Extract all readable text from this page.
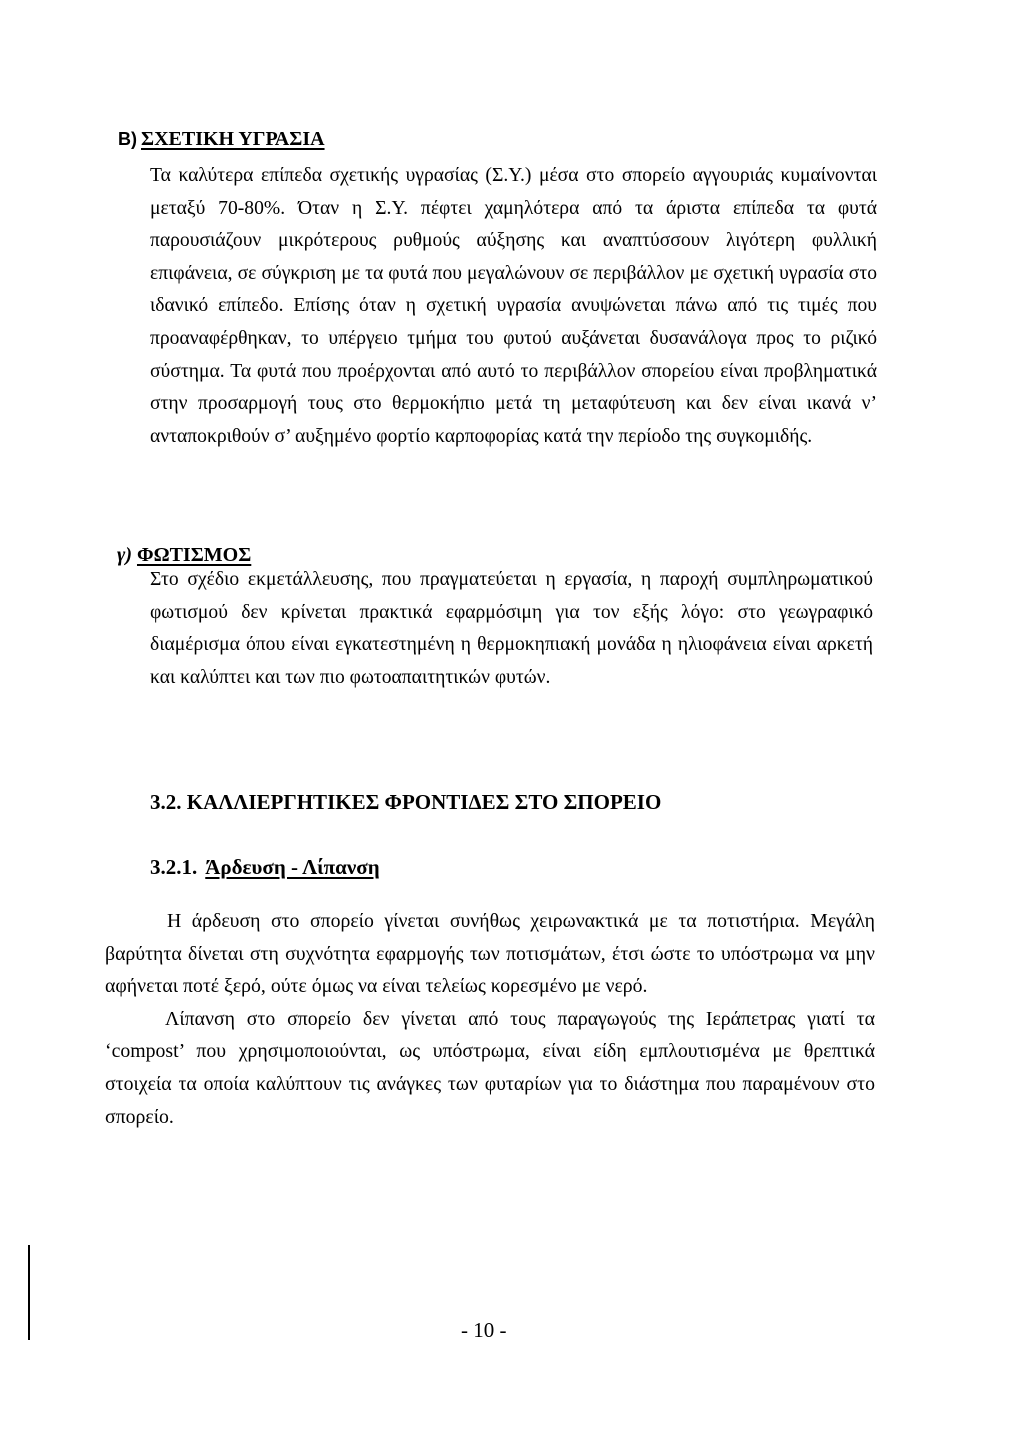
B) ΣΧΕΤΙΚΗ ΥΓΡΑΣΙΑ
Τα καλύτερα επίπεδα σχετικής υγρασίας (Σ.Υ.) μέσα στο σπορείο αγγουριάς κυμαίνονται μεταξύ 70-80%. Όταν η Σ.Υ. πέφτει χαμηλότερα από τα άριστα επίπεδα τα φυτά παρουσιάζουν μικρότερους ρυθμούς αύξησης και αναπτύσσουν λιγότερη φυλλική επιφάνεια, σε σύγκριση με τα φυτά που μεγαλώνουν σε περιβάλλον με σχετική υγρασία στο ιδανικό επίπεδο. Επίσης όταν η σχετική υγρασία ανυψώνεται πάνω από τις τιμές που προαναφέρθηκαν, το υπέργειο τμήμα του φυτού αυξάνεται δυσανάλογα προς το ριζικό σύστημα. Τα φυτά που προέρχονται από αυτό το περιβάλλον σπορείου είναι προβληματικά στην προσαρμογή τους στο θερμοκήπιο μετά τη μεταφύτευση και δεν είναι ικανά ν’ ανταποκριθούν σ’ αυξημένο φορτίο καρποφορίας κατά την περίοδο της συγκομιδής.
γ) ΦΩΤΙΣΜΟΣ
Στο σχέδιο εκμετάλλευσης, που πραγματεύεται η εργασία, η παροχή συμπληρωματικού φωτισμού δεν κρίνεται πρακτικά εφαρμόσιμη για τον εξής λόγο: στο γεωγραφικό διαμέρισμα όπου είναι εγκατεστημένη η θερμοκηπιακή μονάδα η ηλιοφάνεια είναι αρκετή και καλύπτει και των πιο φωτοαπαιτητικών φυτών.
3.2. ΚΑΛΛΙΕΡΓΗΤΙΚΕΣ ΦΡΟΝΤΙΔΕΣ ΣΤΟ ΣΠΟΡΕΙΟ
3.2.1. Άρδευση - Λίπανση
Η άρδευση στο σπορείο γίνεται συνήθως χειρωνακτικά με τα ποτιστήρια. Μεγάλη βαρύτητα δίνεται στη συχνότητα εφαρμογής των ποτισμάτων, έτσι ώστε το υπόστρωμα να μην αφήνεται ποτέ ξερό, ούτε όμως να είναι τελείως κορεσμένο με νερό.
Λίπανση στο σπορείο δεν γίνεται από τους παραγωγούς της Ιεράπετρας γιατί τα ‘compost’ που χρησιμοποιούνται, ως υπόστρωμα, είναι είδη εμπλουτισμένα με θρεπτικά στοιχεία τα οποία καλύπτουν τις ανάγκες των φυταρίων για το διάστημα που παραμένουν στο σπορείο.
- 10 -
